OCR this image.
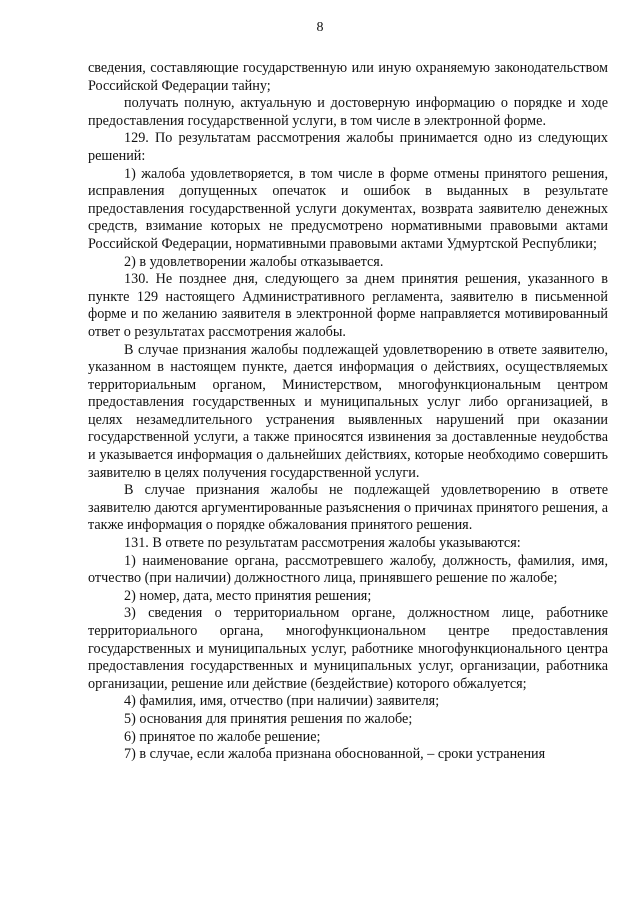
8

сведения, составляющие государственную или иную охраняемую законодательством Российской Федерации тайну;

получать полную, актуальную и достоверную информацию о порядке и ходе предоставления государственной услуги, в том числе в электронной форме.

129. По результатам рассмотрения жалобы принимается одно из следующих решений:

1) жалоба удовлетворяется, в том числе в форме отмены принятого решения, исправления допущенных опечаток и ошибок в выданных в результате предоставления государственной услуги документах, возврата заявителю денежных средств, взимание которых не предусмотрено нормативными правовыми актами Российской Федерации, нормативными правовыми актами Удмуртской Республики;

2) в удовлетворении жалобы отказывается.

130. Не позднее дня, следующего за днем принятия решения, указанного в пункте 129 настоящего Административного регламента, заявителю в письменной форме и по желанию заявителя в электронной форме направляется мотивированный ответ о результатах рассмотрения жалобы.

В случае признания жалобы подлежащей удовлетворению в ответе заявителю, указанном в настоящем пункте, дается информация о действиях, осуществляемых территориальным органом, Министерством, многофункциональным центром предоставления государственных и муниципальных услуг либо организацией, в целях незамедлительного устранения выявленных нарушений при оказании государственной услуги, а также приносятся извинения за доставленные неудобства и указывается информация о дальнейших действиях, которые необходимо совершить заявителю в целях получения государственной услуги.

В случае признания жалобы не подлежащей удовлетворению в ответе заявителю даются аргументированные разъяснения о причинах принятого решения, а также информация о порядке обжалования принятого решения.

131. В ответе по результатам рассмотрения жалобы указываются:

1) наименование органа, рассмотревшего жалобу, должность, фамилия, имя, отчество (при наличии) должностного лица, принявшего решение по жалобе;

2) номер, дата, место принятия решения;

3) сведения о территориальном органе, должностном лице, работнике территориального органа, многофункциональном центре предоставления государственных и муниципальных услуг, работнике многофункционального центра предоставления государственных и муниципальных услуг, организации, работника организации, решение или действие (бездействие) которого обжалуется;

4) фамилия, имя, отчество (при наличии) заявителя;

5) основания для принятия решения по жалобе;

6) принятое по жалобе решение;

7) в случае, если жалоба признана обоснованной, – сроки устранения
